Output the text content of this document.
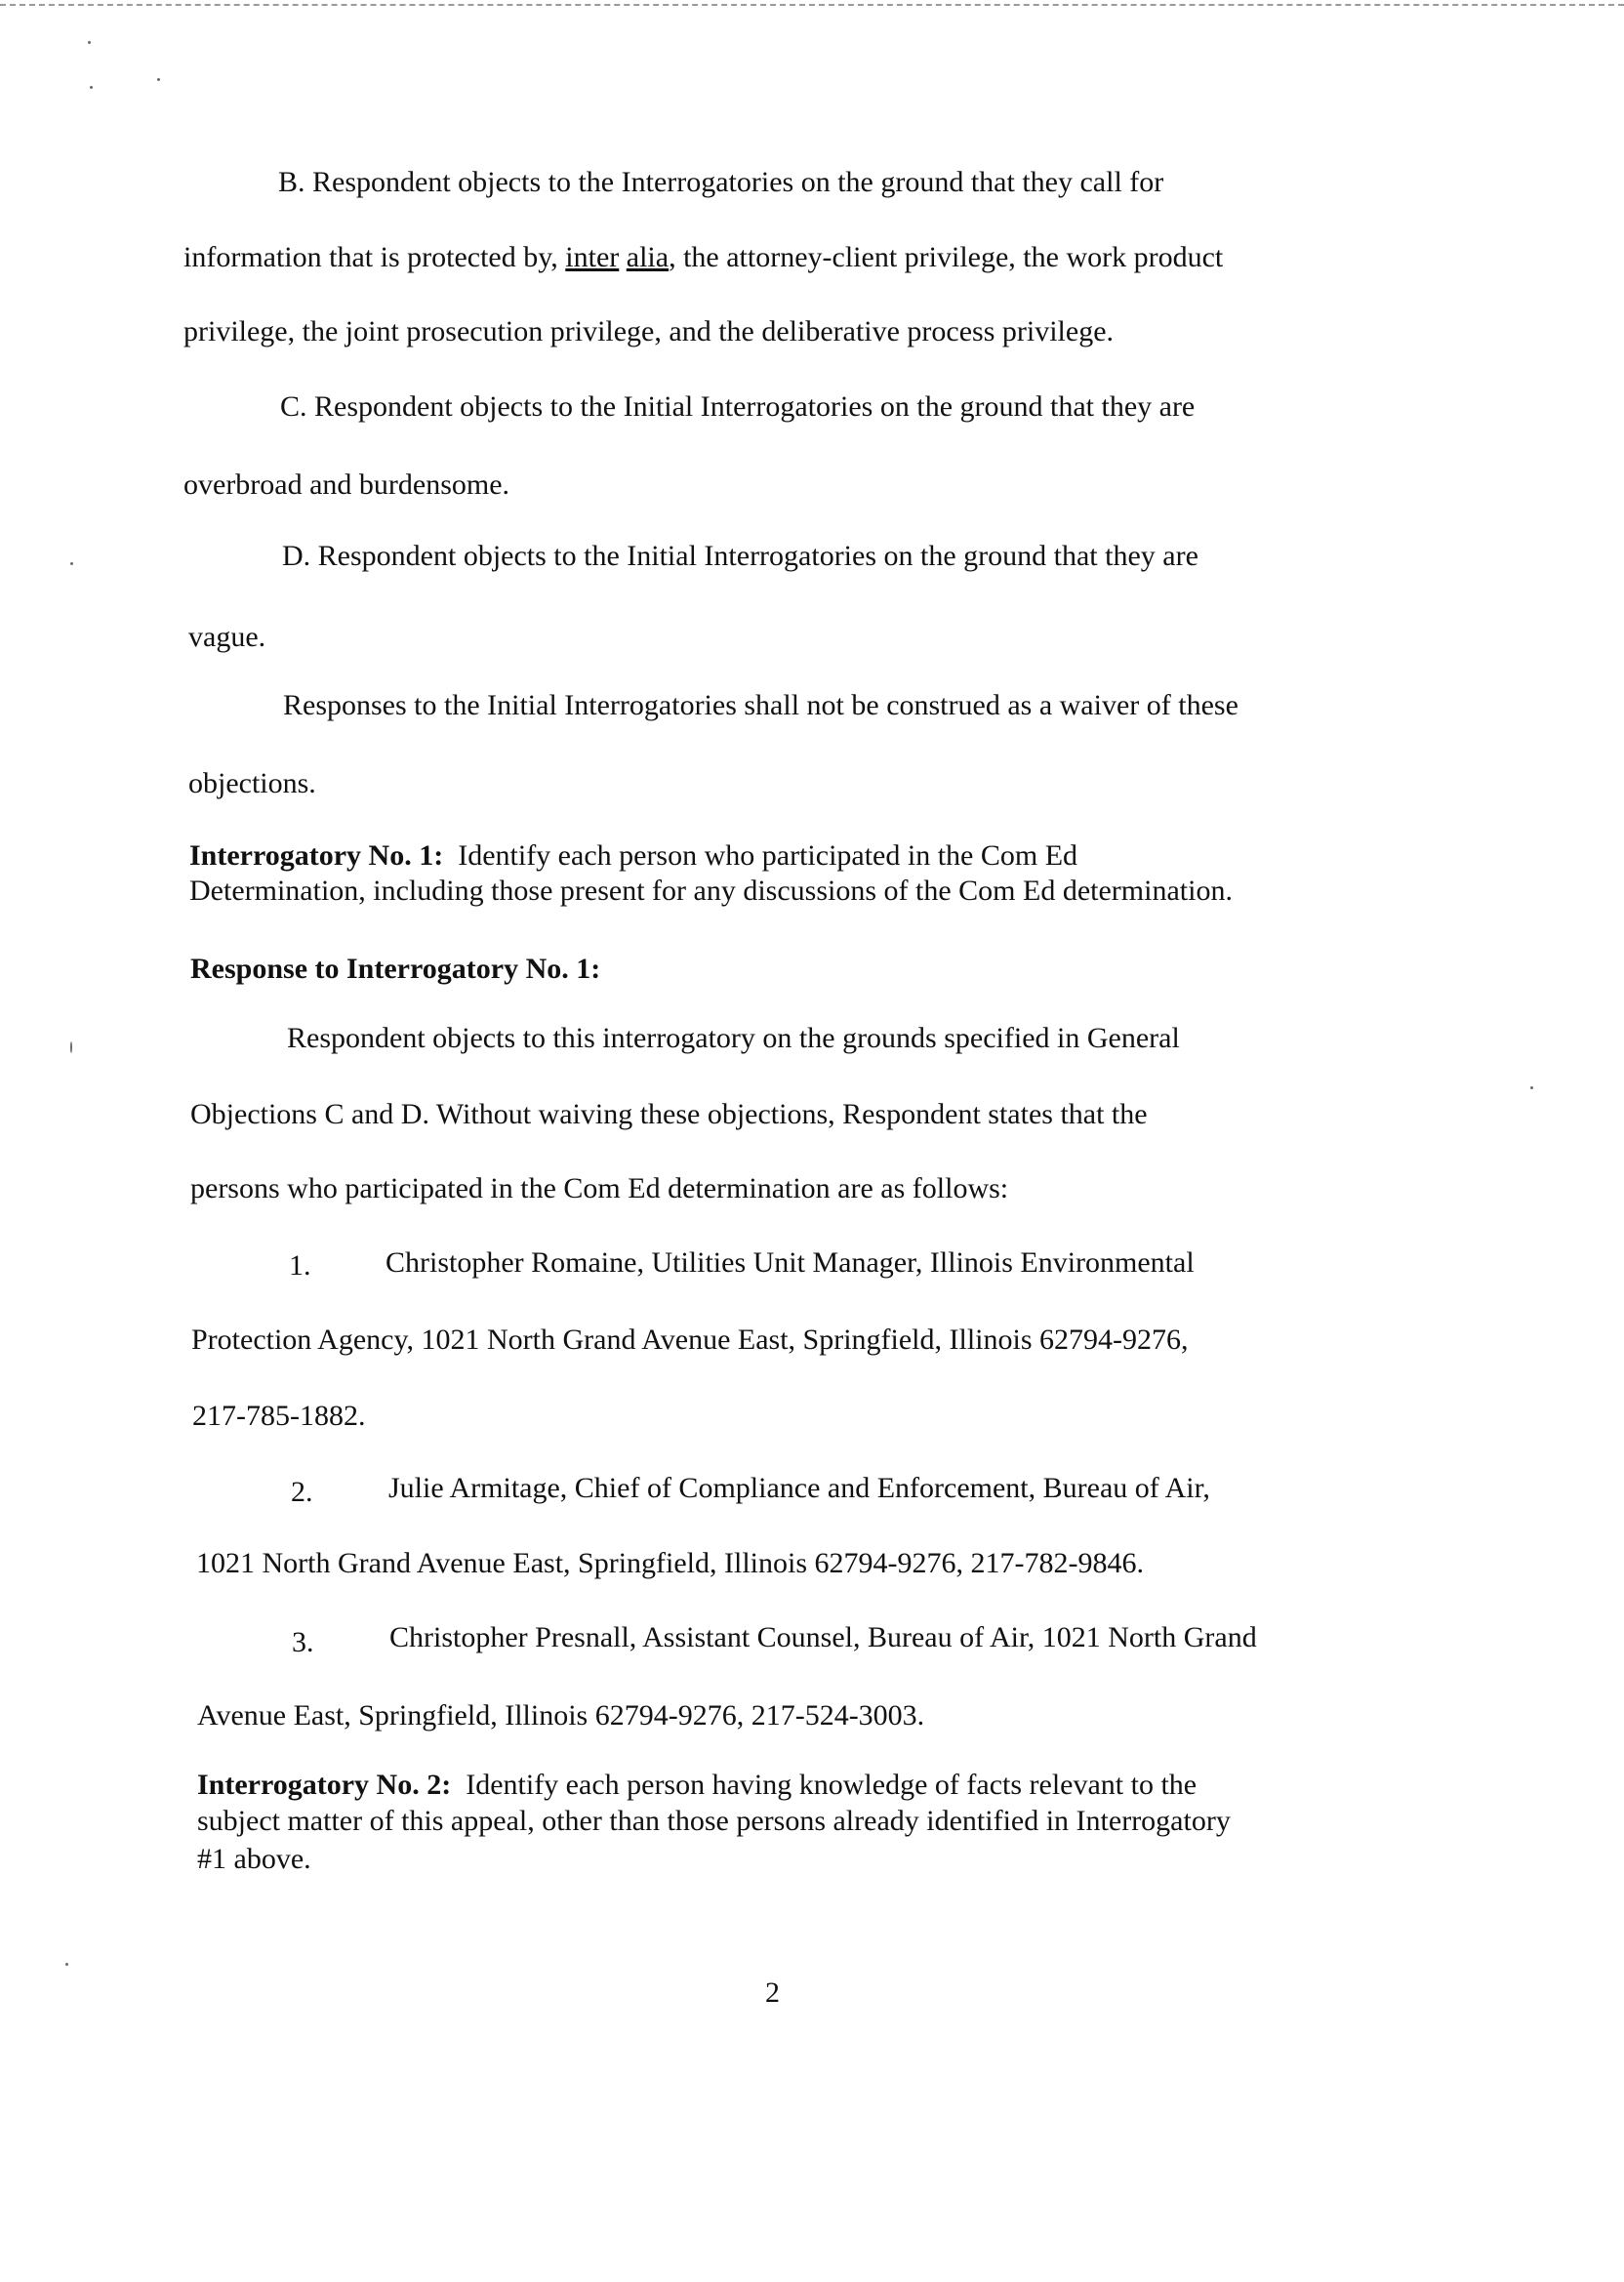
B. Respondent objects to the Interrogatories on the ground that they call for
information that is protected by, inter alia, the attorney-client privilege, the work product
privilege, the joint prosecution privilege, and the deliberative process privilege.
C. Respondent objects to the Initial Interrogatories on the ground that they are
overbroad and burdensome.
D. Respondent objects to the Initial Interrogatories on the ground that they are
vague.
Responses to the Initial Interrogatories shall not be construed as a waiver of these
objections.
Interrogatory No. 1: Identify each person who participated in the Com Ed
Determination, including those present for any discussions of the Com Ed determination.
Response to Interrogatory No. 1:
Respondent objects to this interrogatory on the grounds specified in General
Objections C and D. Without waiving these objections, Respondent states that the
persons who participated in the Com Ed determination are as follows:
1.	Christopher Romaine, Utilities Unit Manager, Illinois Environmental
Protection Agency, 1021 North Grand Avenue East, Springfield, Illinois 62794-9276,
217-785-1882.
2.	Julie Armitage, Chief of Compliance and Enforcement, Bureau of Air,
1021 North Grand Avenue East, Springfield, Illinois 62794-9276, 217-782-9846.
3.	Christopher Presnall, Assistant Counsel, Bureau of Air, 1021 North Grand
Avenue East, Springfield, Illinois 62794-9276, 217-524-3003.
Interrogatory No. 2: Identify each person having knowledge of facts relevant to the
subject matter of this appeal, other than those persons already identified in Interrogatory
#1 above.
2
